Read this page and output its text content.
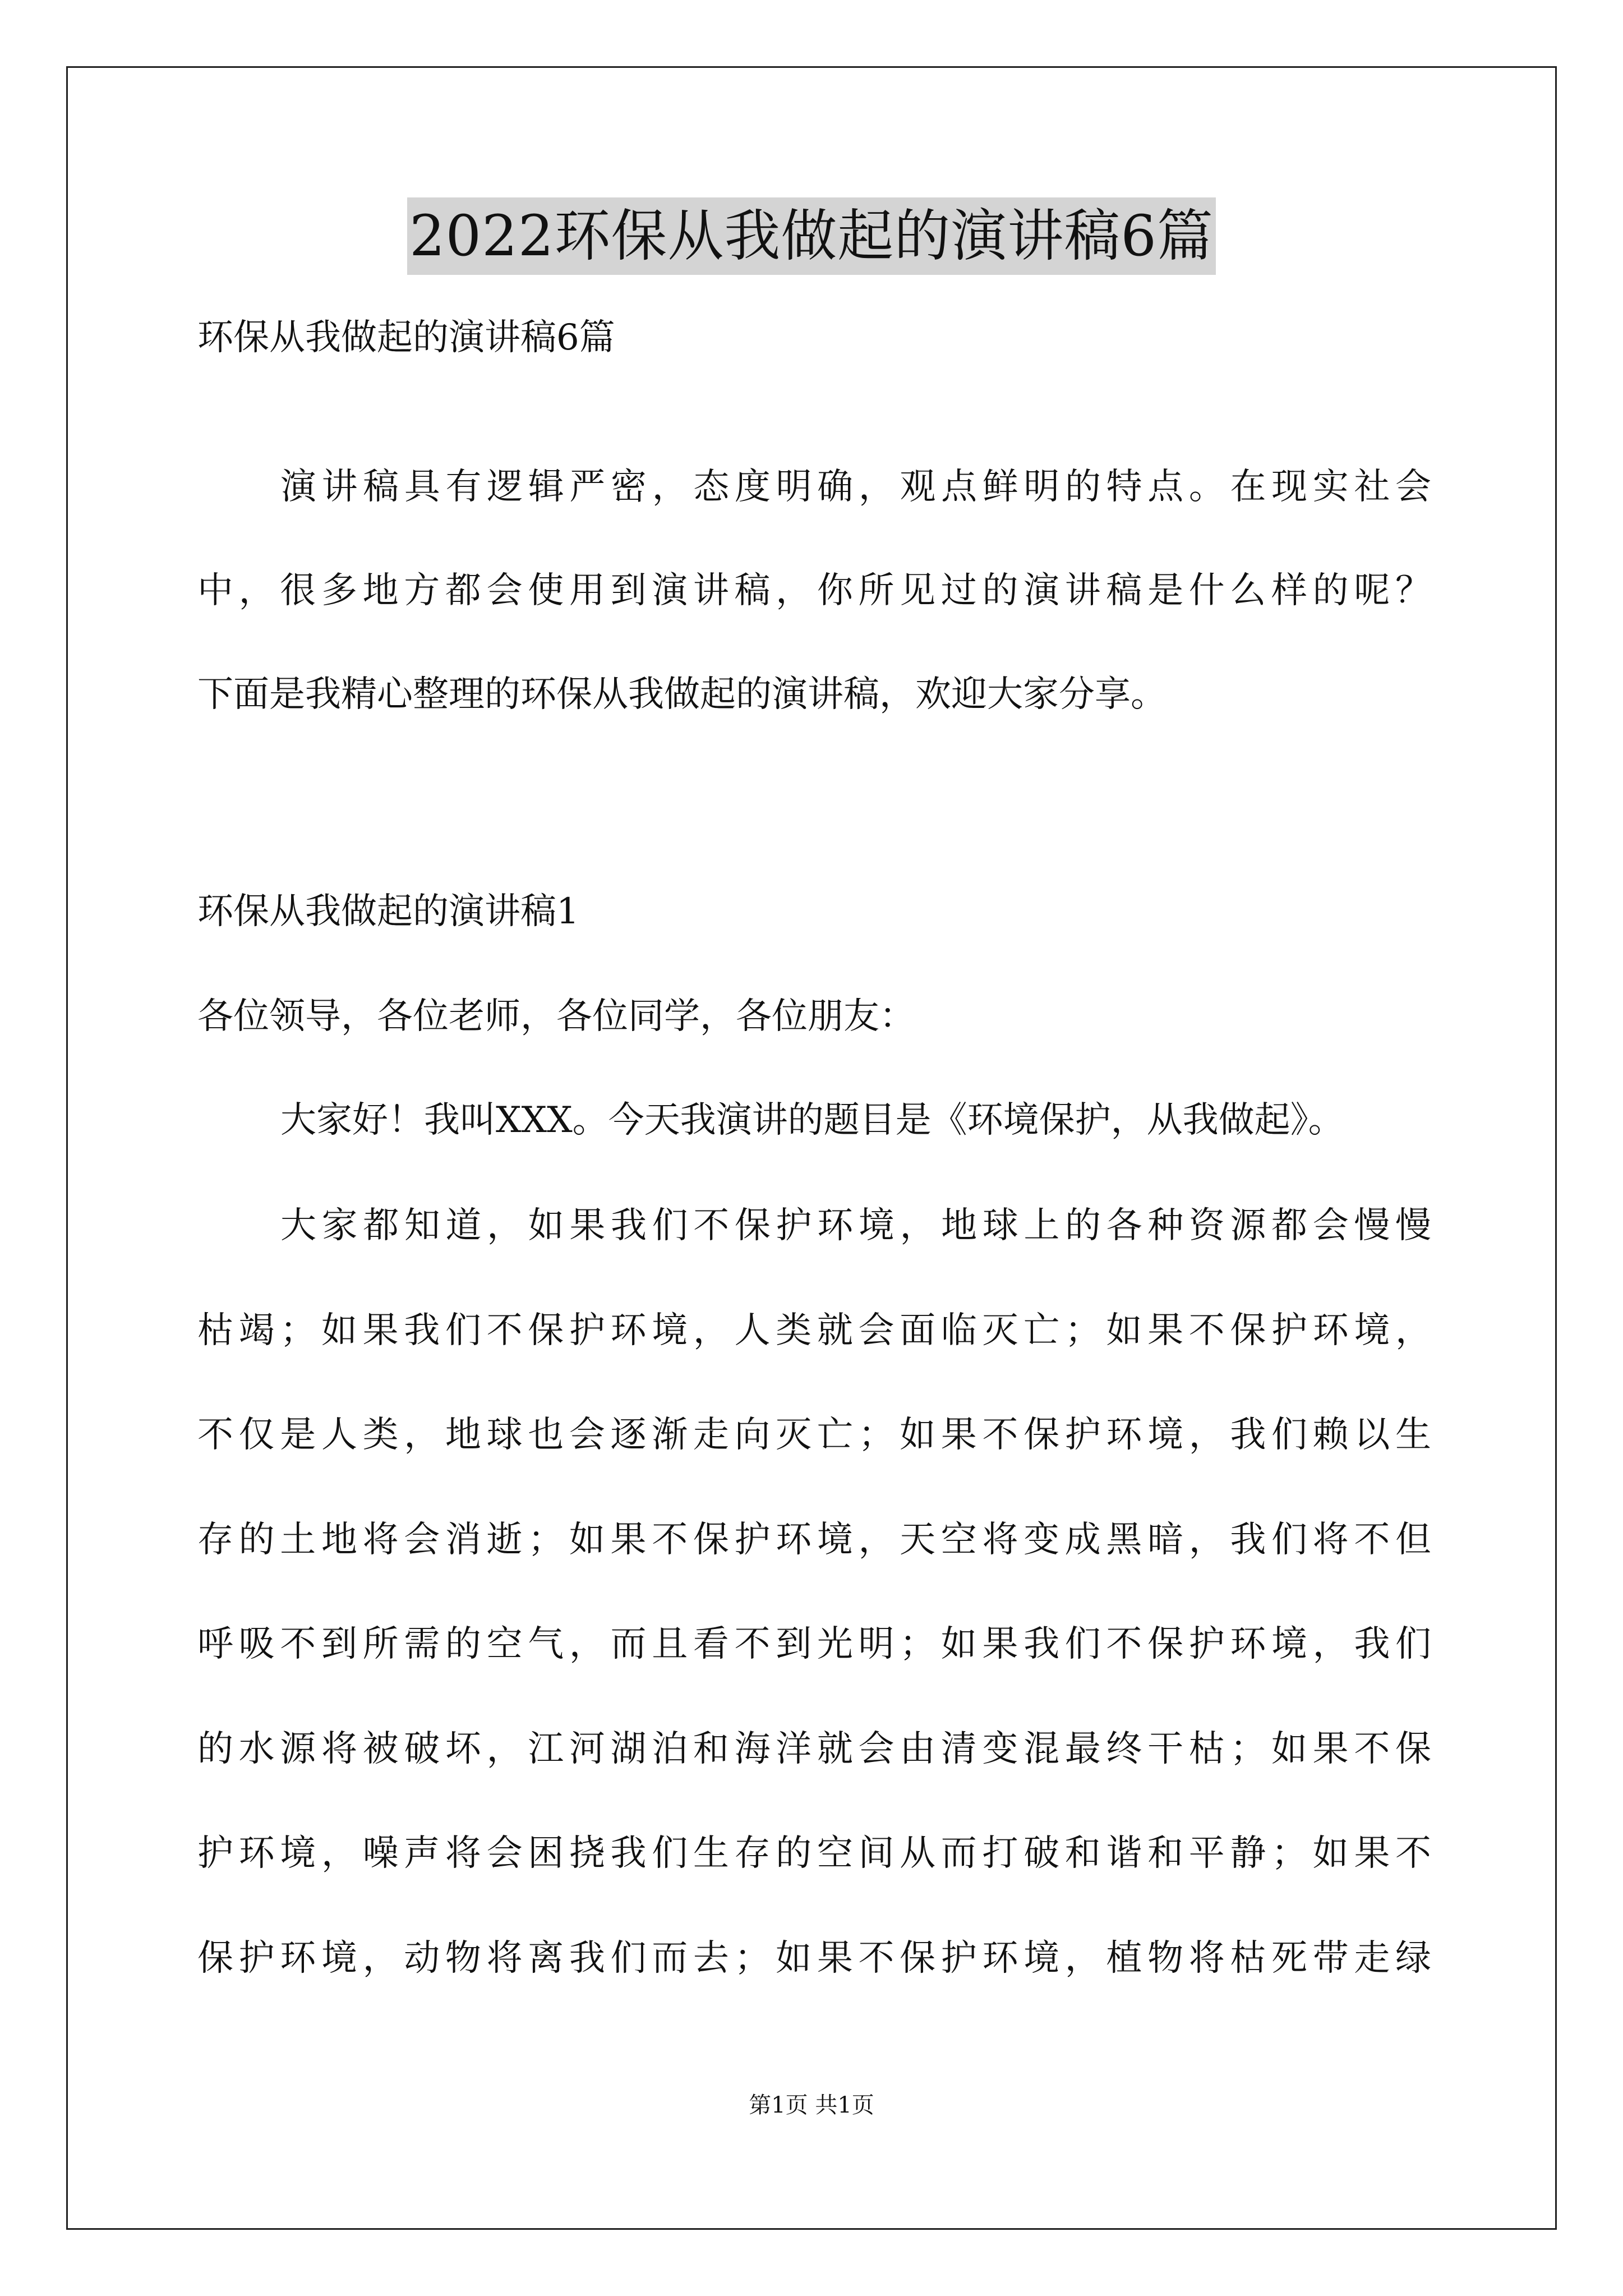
2022环保从我做起的演讲稿6篇
环保从我做起的演讲稿6篇
演讲稿具有逻辑严密，态度明确，观点鲜明的特点。在现实社会
中，很多地方都会使用到演讲稿，你所见过的演讲稿是什么样的呢？
下面是我精心整理的环保从我做起的演讲稿，欢迎大家分享。
环保从我做起的演讲稿1
各位领导，各位老师，各位同学，各位朋友：
大家好！我叫XXX。今天我演讲的题目是《环境保护，从我做起》。
大家都知道，如果我们不保护环境，地球上的各种资源都会慢慢
枯竭；如果我们不保护环境，人类就会面临灭亡；如果不保护环境，
不仅是人类，地球也会逐渐走向灭亡；如果不保护环境，我们赖以生
存的土地将会消逝；如果不保护环境，天空将变成黑暗，我们将不但
呼吸不到所需的空气，而且看不到光明；如果我们不保护环境，我们
的水源将被破坏，江河湖泊和海洋就会由清变混最终干枯；如果不保
护环境，噪声将会困挠我们生存的空间从而打破和谐和平静；如果不
保护环境，动物将离我们而去；如果不保护环境，植物将枯死带走绿
第1页 共1页
